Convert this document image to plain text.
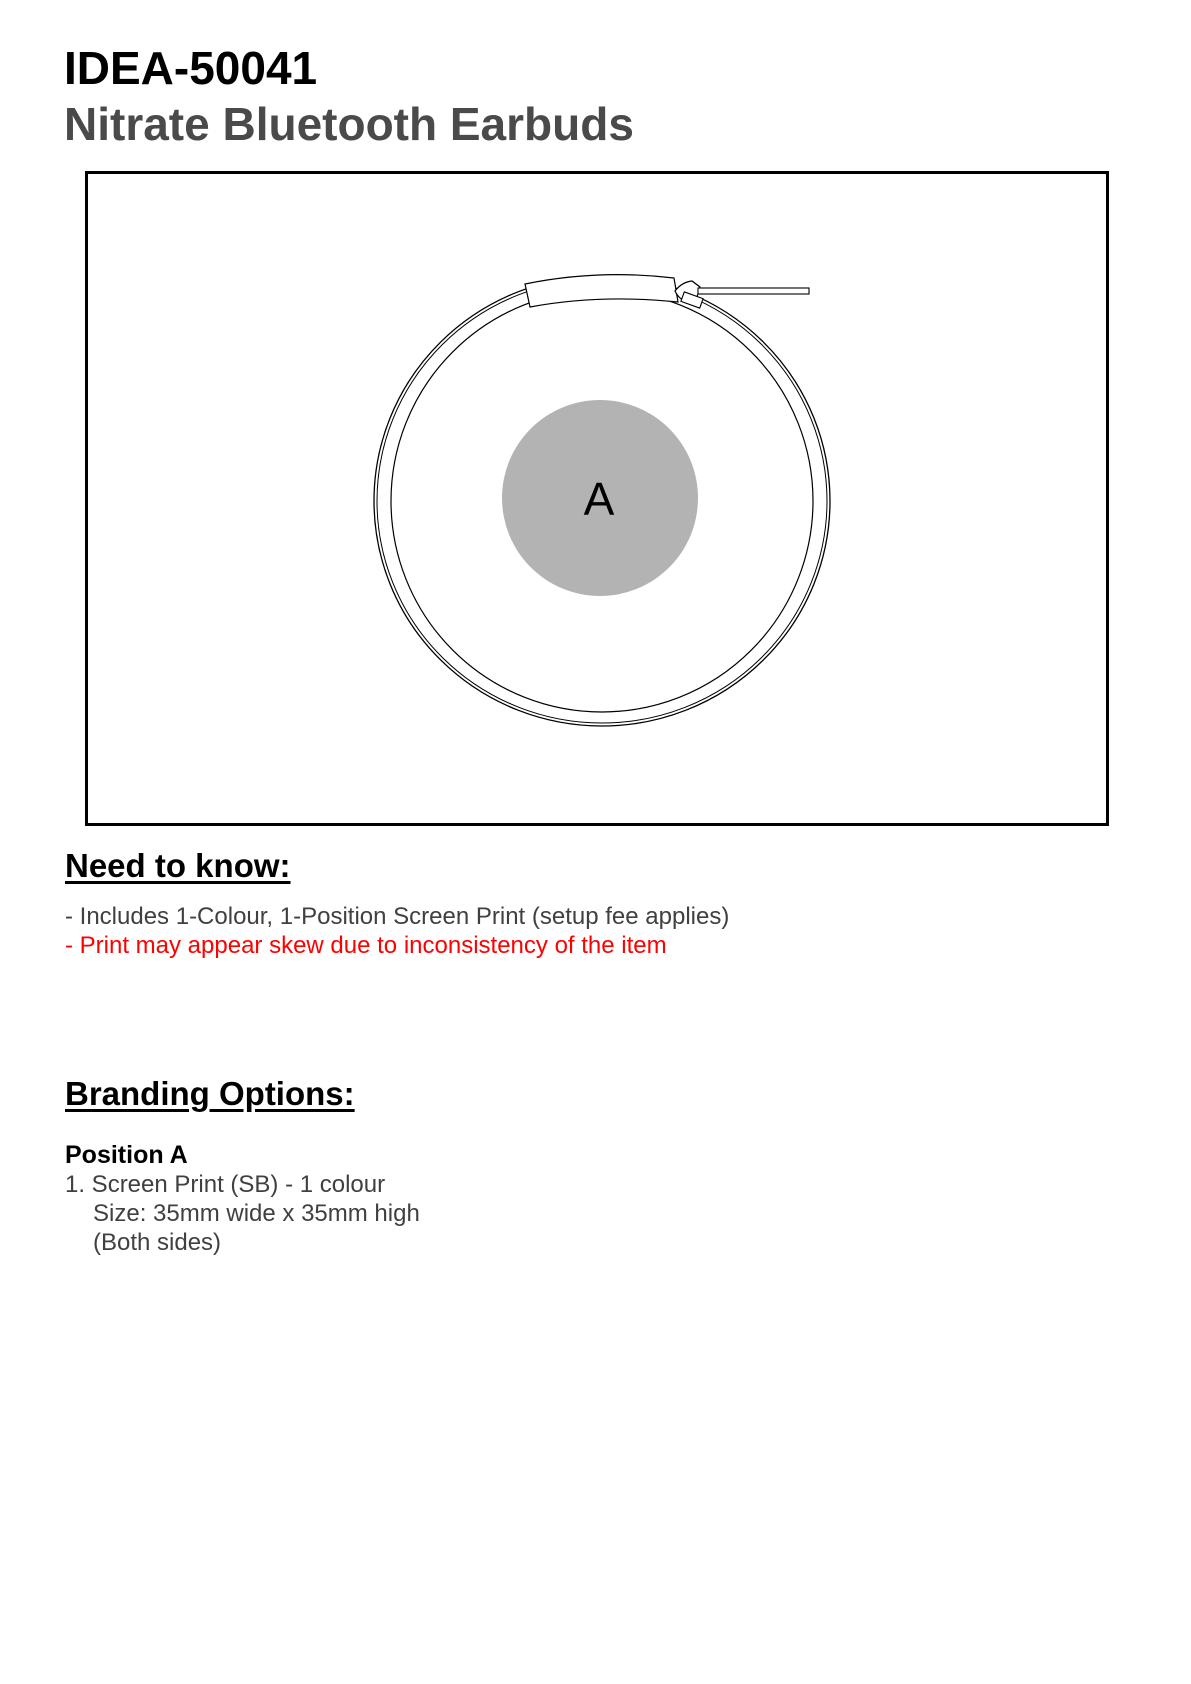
IDEA-50041
Nitrate Bluetooth Earbuds
A
Need to know:

- Includes 1-Colour, 1-Position Screen Print (setup fee applies)

- Print may appear skew due to inconsistency of the item

Branding Options:

Position A

1. Screen Print (SB) - 1 colour

Size: 35mm wide x 35mm high

(Both sides)
